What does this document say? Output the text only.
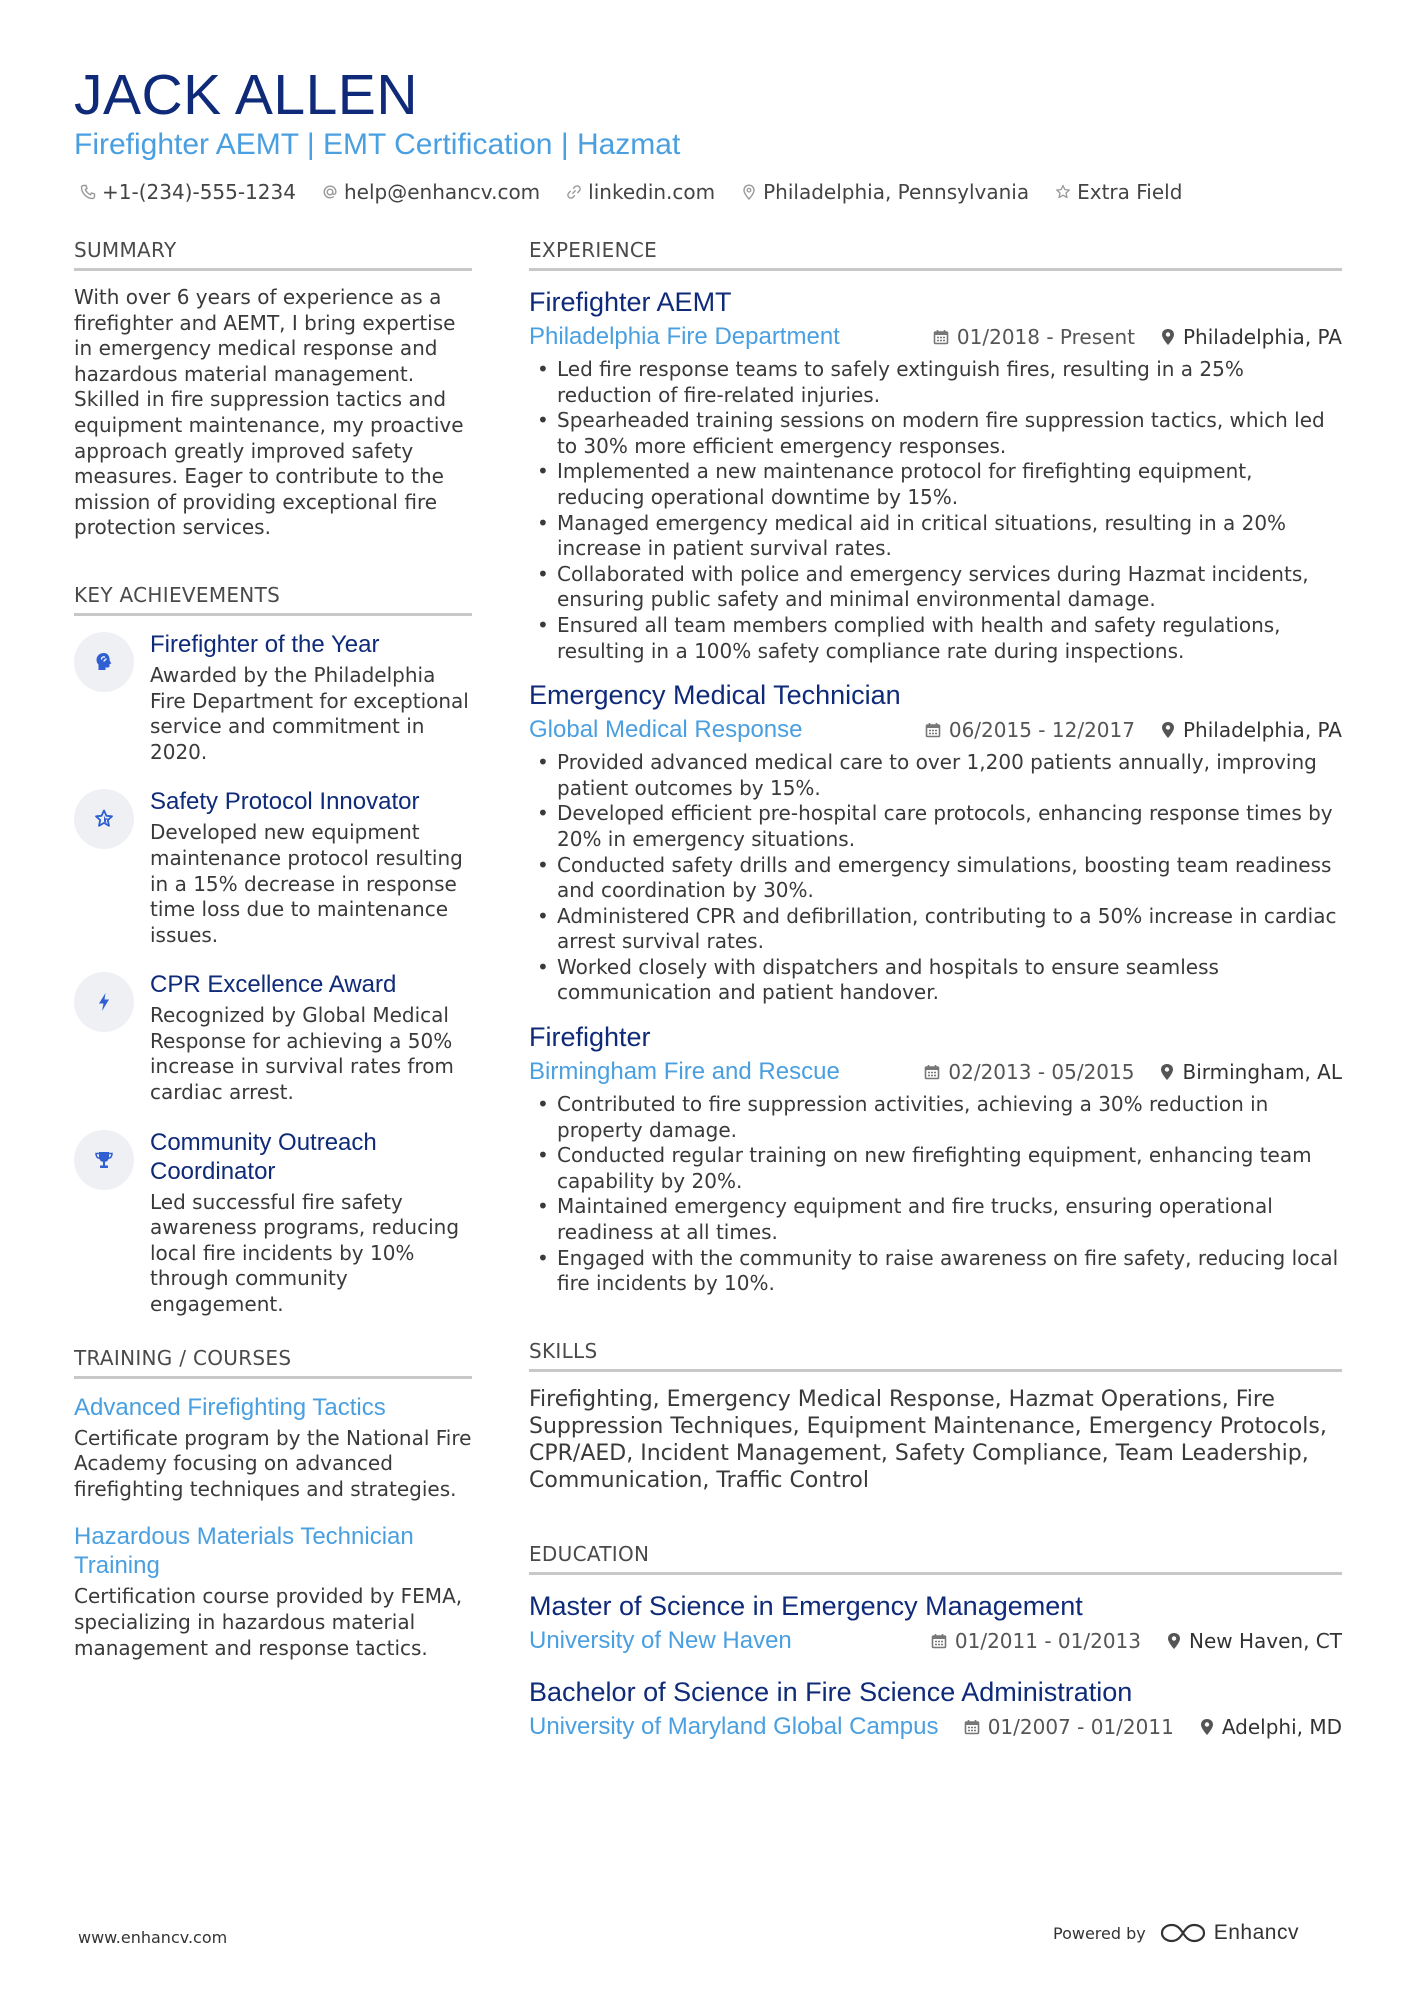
JACK ALLEN
Firefighter AEMT | EMT Certification | Hazmat
+1-(234)-555-1234 help@enhancv.com linkedin.com Philadelphia, Pennsylvania Extra Field
SUMMARY
With over 6 years of experience as a firefighter and AEMT, I bring expertise in emergency medical response and hazardous material management. Skilled in fire suppression tactics and equipment maintenance, my proactive approach greatly improved safety measures. Eager to contribute to the mission of providing exceptional fire protection services.
KEY ACHIEVEMENTS
Firefighter of the Year
Awarded by the Philadelphia Fire Department for exceptional service and commitment in 2020.
Safety Protocol Innovator
Developed new equipment maintenance protocol resulting in a 15% decrease in response time loss due to maintenance issues.
CPR Excellence Award
Recognized by Global Medical Response for achieving a 50% increase in survival rates from cardiac arrest.
Community Outreach Coordinator
Led successful fire safety awareness programs, reducing local fire incidents by 10% through community engagement.
TRAINING / COURSES
Advanced Firefighting Tactics
Certificate program by the National Fire Academy focusing on advanced firefighting techniques and strategies.
Hazardous Materials Technician Training
Certification course provided by FEMA, specializing in hazardous material management and response tactics.
EXPERIENCE
Firefighter AEMT
Philadelphia Fire Department	01/2018 - Present Philadelphia, PA
• Led fire response teams to safely extinguish fires, resulting in a 25% reduction of fire-related injuries.
• Spearheaded training sessions on modern fire suppression tactics, which led to 30% more efficient emergency responses.
• Implemented a new maintenance protocol for firefighting equipment, reducing operational downtime by 15%.
• Managed emergency medical aid in critical situations, resulting in a 20% increase in patient survival rates.
• Collaborated with police and emergency services during Hazmat incidents, ensuring public safety and minimal environmental damage.
• Ensured all team members complied with health and safety regulations, resulting in a 100% safety compliance rate during inspections.
Emergency Medical Technician
Global Medical Response	06/2015 - 12/2017 Philadelphia, PA
• Provided advanced medical care to over 1,200 patients annually, improving patient outcomes by 15%.
• Developed efficient pre-hospital care protocols, enhancing response times by 20% in emergency situations.
• Conducted safety drills and emergency simulations, boosting team readiness and coordination by 30%.
• Administered CPR and defibrillation, contributing to a 50% increase in cardiac arrest survival rates.
• Worked closely with dispatchers and hospitals to ensure seamless communication and patient handover.
Firefighter
Birmingham Fire and Rescue	02/2013 - 05/2015 Birmingham, AL
• Contributed to fire suppression activities, achieving a 30% reduction in property damage.
• Conducted regular training on new firefighting equipment, enhancing team capability by 20%.
• Maintained emergency equipment and fire trucks, ensuring operational readiness at all times.
• Engaged with the community to raise awareness on fire safety, reducing local fire incidents by 10%.
SKILLS
Firefighting, Emergency Medical Response, Hazmat Operations, Fire Suppression Techniques, Equipment Maintenance, Emergency Protocols, CPR/AED, Incident Management, Safety Compliance, Team Leadership, Communication, Traffic Control
EDUCATION
Master of Science in Emergency Management
University of New Haven	01/2011 - 01/2013 New Haven, CT
Bachelor of Science in Fire Science Administration
University of Maryland Global Campus 01/2007 - 01/2011 Adelphi, MD
www.enhancv.com	Powered by	Enhancv
